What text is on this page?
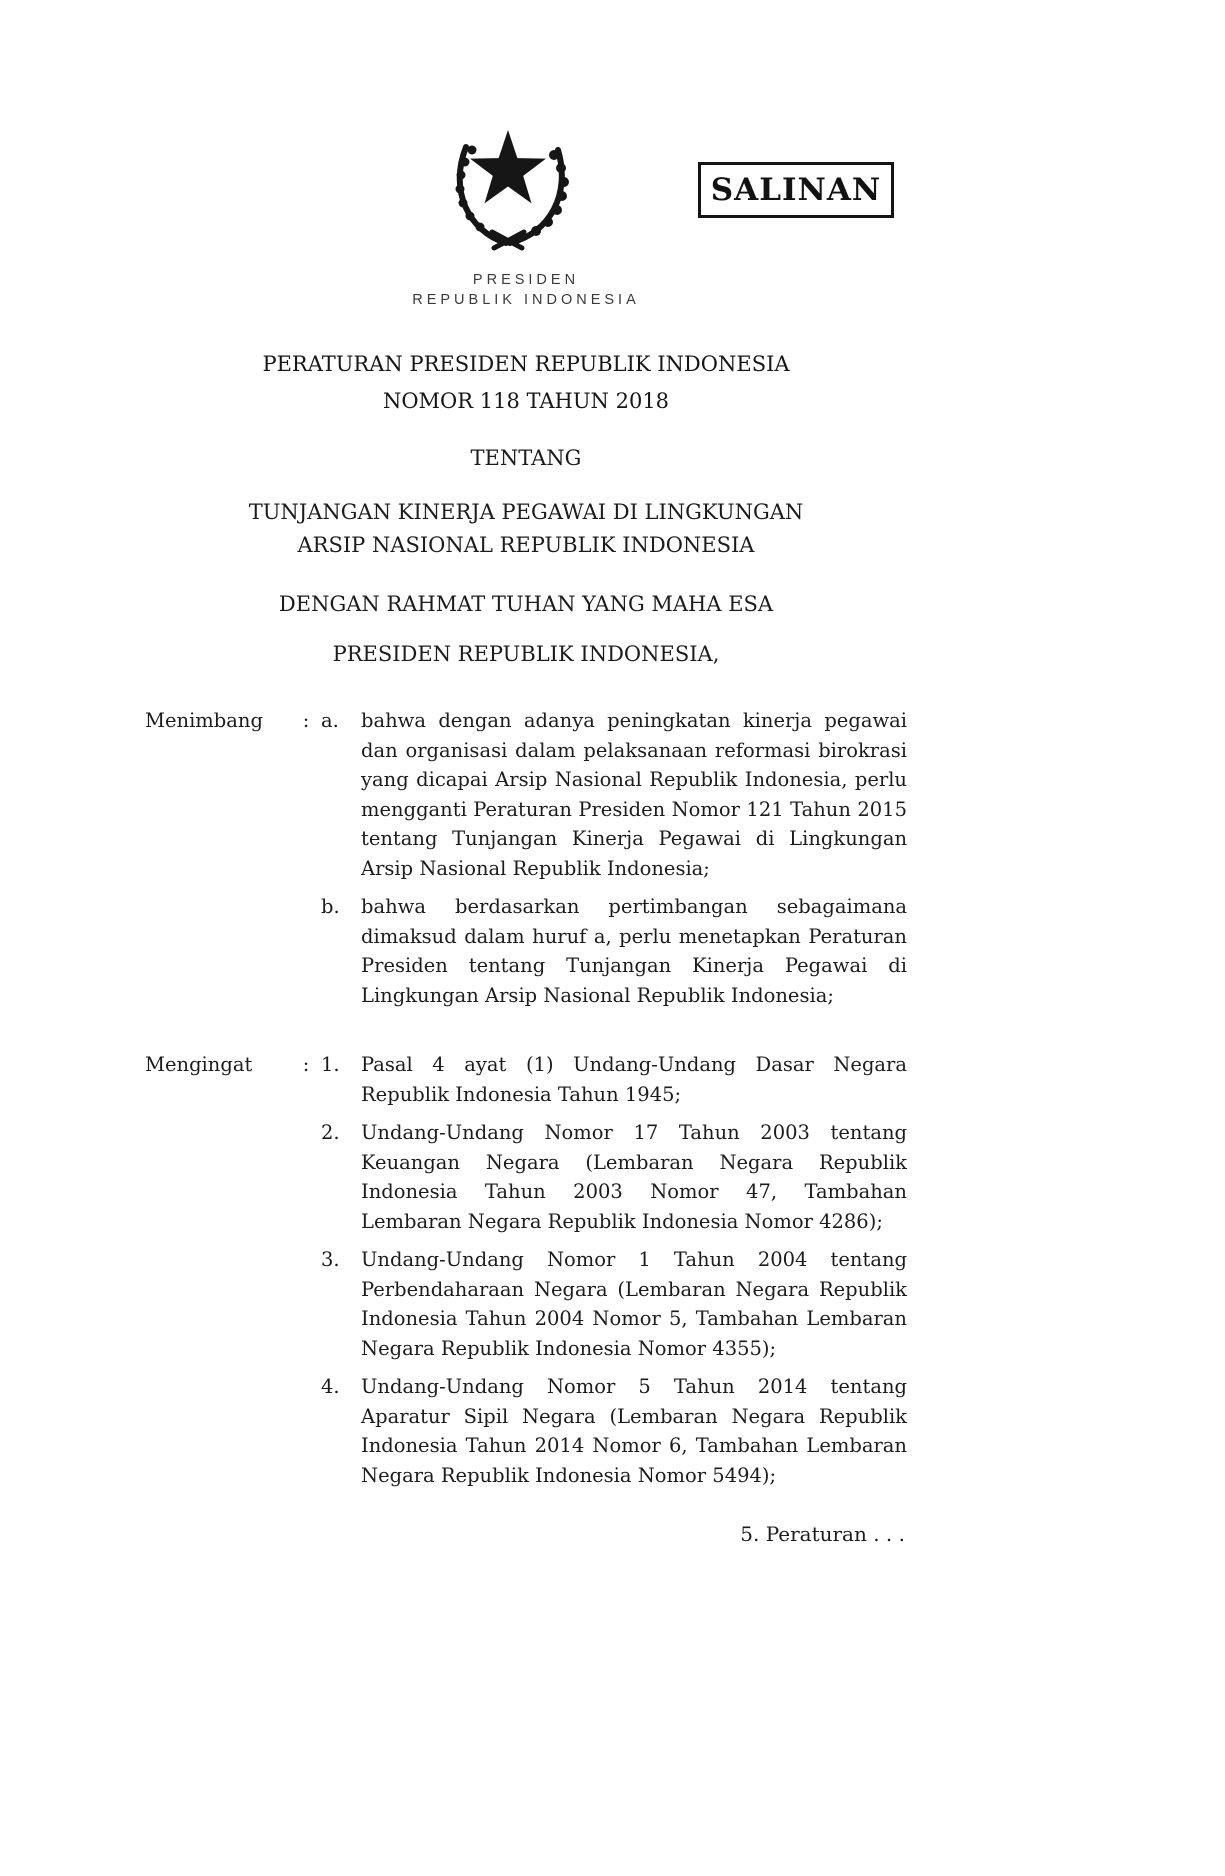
SALINAN
PRESIDEN
REPUBLIK INDONESIA
PERATURAN PRESIDEN REPUBLIK INDONESIA
NOMOR 118 TAHUN 2018
TENTANG
TUNJANGAN KINERJA PEGAWAI DI LINGKUNGAN
ARSIP NASIONAL REPUBLIK INDONESIA
DENGAN RAHMAT TUHAN YANG MAHA ESA
PRESIDEN REPUBLIK INDONESIA,
Menimbang	: a.	bahwa dengan adanya peningkatan kinerja pegawai dan organisasi dalam pelaksanaan reformasi birokrasi yang dicapai Arsip Nasional Republik Indonesia, perlu mengganti Peraturan Presiden Nomor 121 Tahun 2015 tentang Tunjangan Kinerja Pegawai di Lingkungan Arsip Nasional Republik Indonesia;
b.	bahwa berdasarkan pertimbangan sebagaimana dimaksud dalam huruf a, perlu menetapkan Peraturan Presiden tentang Tunjangan Kinerja Pegawai di Lingkungan Arsip Nasional Republik Indonesia;
Mengingat	: 1.	Pasal 4 ayat (1) Undang-Undang Dasar Negara Republik Indonesia Tahun 1945;
2.	Undang-Undang Nomor 17 Tahun 2003 tentang Keuangan Negara (Lembaran Negara Republik Indonesia Tahun 2003 Nomor 47, Tambahan Lembaran Negara Republik Indonesia Nomor 4286);
3.	Undang-Undang Nomor 1 Tahun 2004 tentang Perbendaharaan Negara (Lembaran Negara Republik Indonesia Tahun 2004 Nomor 5, Tambahan Lembaran Negara Republik Indonesia Nomor 4355);
4.	Undang-Undang Nomor 5 Tahun 2014 tentang Aparatur Sipil Negara (Lembaran Negara Republik Indonesia Tahun 2014 Nomor 6, Tambahan Lembaran Negara Republik Indonesia Nomor 5494);
5. Peraturan . . .
